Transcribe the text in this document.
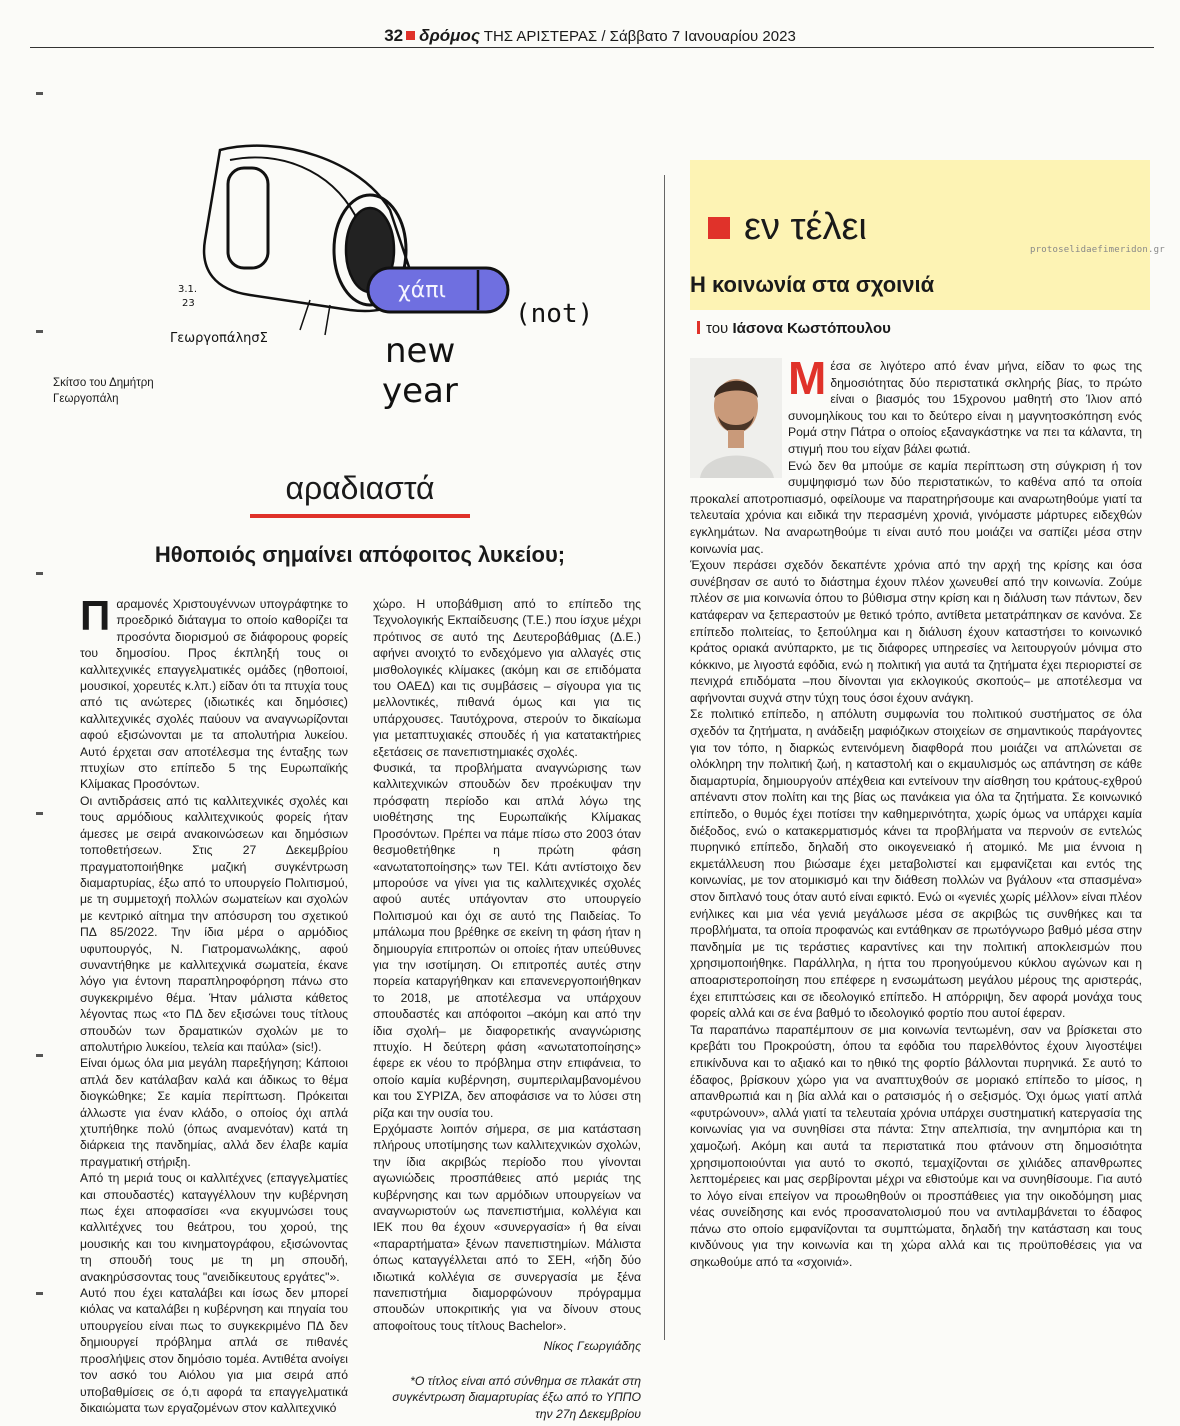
32 δρόμος ΤΗΣ ΑΡΙΣΤΕΡΑΣ / Σάββατο 7 Ιανουαρίου 2023
χάπι
(not)
new
year
3.1.
23
ΓεωργοπάλησΣ
Σκίτσο του Δημήτρη Γεωργοπάλη
αραδιαστά
Ηθοποιός σημαίνει απόφοιτος λυκείου;
Π αραμονές Χριστουγέννων υπογράφτηκε το προεδρικό διάταγμα το οποίο καθορίζει τα προσόντα διορισμού σε διάφορους φορείς του δημοσίου. Προς έκπληξή τους οι καλλιτεχνικές επαγγελματικές ομάδες (ηθοποιοί, μουσικοί, χορευτές κ.λπ.) είδαν ότι τα πτυχία τους από τις ανώτερες (ιδιωτικές και δημόσιες) καλλιτεχνικές σχολές παύουν να αναγνωρίζονται αφού εξισώνονται με τα απολυτήρια λυκείου. Αυτό έρχεται σαν αποτέλεσμα της ένταξης των πτυχίων στο επίπεδο 5 της Ευρωπαϊκής Κλίμακας Προσόντων.

Οι αντιδράσεις από τις καλλιτεχνικές σχολές και τους αρμόδιους καλλιτεχνικούς φορείς ήταν άμεσες με σειρά ανακοινώσεων και δημόσιων τοποθετήσεων. Στις 27 Δεκεμβρίου πραγματοποιήθηκε μαζική συγκέντρωση διαμαρτυρίας, έξω από το υπουργείο Πολιτισμού, με τη συμμετοχή πολλών σωματείων και σχολών με κεντρικό αίτημα την απόσυρση του σχετικού ΠΔ 85/2022. Την ίδια μέρα ο αρμόδιος υφυπουργός, Ν. Γιατρομανωλάκης, αφού συναντήθηκε με καλλιτεχνικά σωματεία, έκανε λόγο για έντονη παραπληροφόρηση πάνω στο συγκεκριμένο θέμα. Ήταν μάλιστα κάθετος λέγοντας πως «το ΠΔ δεν εξισώνει τους τίτλους σπουδών των δραματικών σχολών με το απολυτήριο λυκείου, τελεία και παύλα» (sic!).

Είναι όμως όλα μια μεγάλη παρεξήγηση; Κάποιοι απλά δεν κατάλαβαν καλά και άδικως το θέμα διογκώθηκε; Σε καμία περίπτωση. Πρόκειται άλλωστε για έναν κλάδο, ο οποίος όχι απλά χτυπήθηκε πολύ (όπως αναμενόταν) κατά τη διάρκεια της πανδημίας, αλλά δεν έλαβε καμία πραγματική στήριξη.

Από τη μεριά τους οι καλλιτέχνες (επαγγελματίες και σπουδαστές) καταγγέλλουν την κυβέρνηση πως έχει αποφασίσει «να εκγυμνώσει τους καλλιτέχνες του θεάτρου, του χορού, της μουσικής και του κινηματογράφου, εξισώνοντας τη σπουδή τους με τη μη σπουδή, ανακηρύσσοντας τους "ανειδίκευτους εργάτες"».

Αυτό που έχει καταλάβει και ίσως δεν μπορεί κιόλας να καταλάβει η κυβέρνηση και πηγαία του υπουργείου είναι πως το συγκεκριμένο ΠΔ δεν δημιουργεί πρόβλημα απλά σε πιθανές προσλήψεις στον δημόσιο τομέα. Αντιθέτα ανοίγει τον ασκό του Αιόλου για μια σειρά από υποβαθμίσεις σε ό,τι αφορά τα επαγγελματικά δικαιώματα των εργαζομένων στον καλλιτεχνικό

χώρο. Η υποβάθμιση από το επίπεδο της Τεχνολογικής Εκπαίδευσης (Τ.Ε.) που ίσχυε μέχρι πρότινος σε αυτό της Δευτεροβάθμιας (Δ.Ε.) αφήνει ανοιχτό το ενδεχόμενο για αλλαγές στις μισθολογικές κλίμακες (ακόμη και σε επιδόματα του ΟΑΕΔ) και τις συμβάσεις – σίγουρα για τις μελλοντικές, πιθανά όμως και για τις υπάρχουσες. Ταυτόχρονα, στερούν το δικαίωμα για μεταπτυχιακές σπουδές ή για κατατακτήριες εξετάσεις σε πανεπιστημιακές σχολές.

Φυσικά, τα προβλήματα αναγνώρισης των καλλιτεχνικών σπουδών δεν προέκυψαν την πρόσφατη περίοδο και απλά λόγω της υιοθέτησης της Ευρωπαϊκής Κλίμακας Προσόντων. Πρέπει να πάμε πίσω στο 2003 όταν θεσμοθετήθηκε η πρώτη φάση «ανωτατοποίησης» των ΤΕΙ. Κάτι αντίστοιχο δεν μπορούσε να γίνει για τις καλλιτεχνικές σχολές αφού αυτές υπάγονταν στο υπουργείο Πολιτισμού και όχι σε αυτό της Παιδείας. Το μπάλωμα που βρέθηκε σε εκείνη τη φάση ήταν η δημιουργία επιτροπών οι οποίες ήταν υπεύθυνες για την ισοτίμηση. Οι επιτροπές αυτές στην πορεία καταργήθηκαν και επανενεργοποιήθηκαν το 2018, με αποτέλεσμα να υπάρχουν σπουδαστές και απόφοιτοι –ακόμη και από την ίδια σχολή– με διαφορετικής αναγνώρισης πτυχίο. Η δεύτερη φάση «ανωτατοποίησης» έφερε εκ νέου το πρόβλημα στην επιφάνεια, το οποίο καμία κυβέρνηση, συμπεριλαμβανομένου και του ΣΥΡΙΖΑ, δεν αποφάσισε να το λύσει στη ρίζα και την ουσία του.

Ερχόμαστε λοιπόν σήμερα, σε μια κατάσταση πλήρους υποτίμησης των καλλιτεχνικών σχολών, την ίδια ακριβώς περίοδο που γίνονται αγωνιώδεις προσπάθειες από μεριάς της κυβέρνησης και των αρμόδιων υπουργείων να αναγνωριστούν ως πανεπιστήμια, κολλέγια και ΙΕΚ που θα έχουν «συνεργασία» ή θα είναι «παραρτήματα» ξένων πανεπιστημίων. Μάλιστα όπως καταγγέλλεται από το ΣΕΗ, «ήδη δύο ιδιωτικά κολλέγια σε συνεργασία με ξένα πανεπιστήμια διαμορφώνουν πρόγραμμα σπουδών υποκριτικής για να δίνουν στους αποφοίτους τους τίτλους Bachelor».

Νίκος Γεωργιάδης

*Ο τίτλος είναι από σύνθημα σε πλακάτ στη συγκέντρωση διαμαρτυρίας έξω από το ΥΠΠΟ την 27η Δεκεμβρίου

εν τέλει
protoselidaefimeridon.gr
Η κοινωνία στα σχοινιά
του Ιάσονα Κωστόπουλου
Μ έσα σε λιγότερο από έναν μήνα, είδαν το φως της δημοσιότητας δύο περιστατικά σκληρής βίας, το πρώτο είναι ο βιασμός του 15χρονου μαθητή στο Ίλιον από συνομηλίκους του και το δεύτερο είναι η μαγνητοσκόπηση ενός Ρομά στην Πάτρα ο οποίος εξαναγκάστηκε να πει τα κάλαντα, τη στιγμή που του είχαν βάλει φωτιά.

Ενώ δεν θα μπούμε σε καμία περίπτωση στη σύγκριση ή τον συμψηφισμό των δύο περιστατικών, το καθένα από τα οποία προκαλεί αποτροπιασμό, οφείλουμε να παρατηρήσουμε και αναρωτηθούμε γιατί τα τελευταία χρόνια και ειδικά την περασμένη χρονιά, γινόμαστε μάρτυρες ειδεχθών εγκλημάτων. Να αναρωτηθούμε τι είναι αυτό που μοιάζει να σαπίζει μέσα στην κοινωνία μας.

Έχουν περάσει σχεδόν δεκαπέντε χρόνια από την αρχή της κρίσης και όσα συνέβησαν σε αυτό το διάστημα έχουν πλέον χωνευθεί από την κοινωνία. Ζούμε πλέον σε μια κοινωνία όπου το βύθισμα στην κρίση και η διάλυση των πάντων, δεν κατάφεραν να ξεπεραστούν με θετικό τρόπο, αντίθετα μετατράπηκαν σε κανόνα. Σε επίπεδο πολιτείας, το ξεπούλημα και η διάλυση έχουν καταστήσει το κοινωνικό κράτος οριακά ανύπαρκτο, με τις διάφορες υπηρεσίες να λειτουργούν μόνιμα στο κόκκινο, με λιγοστά εφόδια, ενώ η πολιτική για αυτά τα ζητήματα έχει περιοριστεί σε πενιχρά επιδόματα –που δίνονται για εκλογικούς σκοπούς– με αποτέλεσμα να αφήνονται συχνά στην τύχη τους όσοι έχουν ανάγκη.

Σε πολιτικό επίπεδο, η απόλυτη συμφωνία του πολιτικού συστήματος σε όλα σχεδόν τα ζητήματα, η ανάδειξη μαφιόζικων στοιχείων σε σημαντικούς παράγοντες για τον τόπο, η διαρκώς εντεινόμενη διαφθορά που μοιάζει να απλώνεται σε ολόκληρη την πολιτική ζωή, η καταστολή και ο εκμαυλισμός ως απάντηση σε κάθε διαμαρτυρία, δημιουργούν απέχθεια και εντείνουν την αίσθηση του κράτους-εχθρού απέναντι στον πολίτη και της βίας ως πανάκεια για όλα τα ζητήματα. Σε κοινωνικό επίπεδο, ο θυμός έχει ποτίσει την καθημερινότητα, χωρίς όμως να υπάρχει καμία διέξοδος, ενώ ο κατακερματισμός κάνει τα προβλήματα να περνούν σε εντελώς πυρηνικό επίπεδο, δηλαδή στο οικογενειακό ή ατομικό. Με μια έννοια η εκμετάλλευση που βιώσαμε έχει μεταβολιστεί και εμφανίζεται και εντός της κοινωνίας, με τον ατομικισμό και την διάθεση πολλών να βγάλουν «τα σπασμένα» στον διπλανό τους όταν αυτό είναι εφικτό. Ενώ οι «γενιές χωρίς μέλλον» είναι πλέον ενήλικες και μια νέα γενιά μεγάλωσε μέσα σε ακριβώς τις συνθήκες και τα προβλήματα, τα οποία προφανώς και εντάθηκαν σε πρωτόγνωρο βαθμό μέσα στην πανδημία με τις τεράστιες καραντίνες και την πολιτική αποκλεισμών που χρησιμοποιήθηκε. Παράλληλα, η ήττα του προηγούμενου κύκλου αγώνων και η αποαριστεροποίηση που επέφερε η ενσωμάτωση μεγάλου μέρους της αριστεράς, έχει επιπτώσεις και σε ιδεολογικό επίπεδο. Η απόρριψη, δεν αφορά μονάχα τους φορείς αλλά και σε ένα βαθμό το ιδεολογικό φορτίο που αυτοί έφεραν.

Τα παραπάνω παραπέμπουν σε μια κοινωνία τεντωμένη, σαν να βρίσκεται στο κρεβάτι του Προκρούστη, όπου τα εφόδια του παρελθόντος έχουν λιγοστέψει επικίνδυνα και το αξιακό και το ηθικό της φορτίο βάλλονται πυρηνικά. Σε αυτό το έδαφος, βρίσκουν χώρο για να αναπτυχθούν σε μοριακό επίπεδο το μίσος, η απανθρωπιά και η βία αλλά και ο ρατσισμός ή ο σεξισμός. Όχι όμως γιατί απλά «φυτρώνουν», αλλά γιατί τα τελευταία χρόνια υπάρχει συστηματική κατεργασία της κοινωνίας για να συνηθίσει στα πάντα: Στην απελπισία, την ανημπόρια και τη χαμοζωή. Ακόμη και αυτά τα περιστατικά που φτάνουν στη δημοσιότητα χρησιμοποιούνται για αυτό το σκοπό, τεμαχίζονται σε χιλιάδες απανθρωπες λεπτομέρειες και μας σερβίρονται μέχρι να εθιστούμε και να συνηθίσουμε. Για αυτό το λόγο είναι επείγον να προωθηθούν οι προσπάθειες για την οικοδόμηση μιας νέας συνείδησης και ενός προσανατολισμού που να αντιλαμβάνεται το έδαφος πάνω στο οποίο εμφανίζονται τα συμπτώματα, δηλαδή την κατάσταση και τους κινδύνους για την κοινωνία και τη χώρα αλλά και τις προϋποθέσεις για να σηκωθούμε από τα «σχοινιά».
